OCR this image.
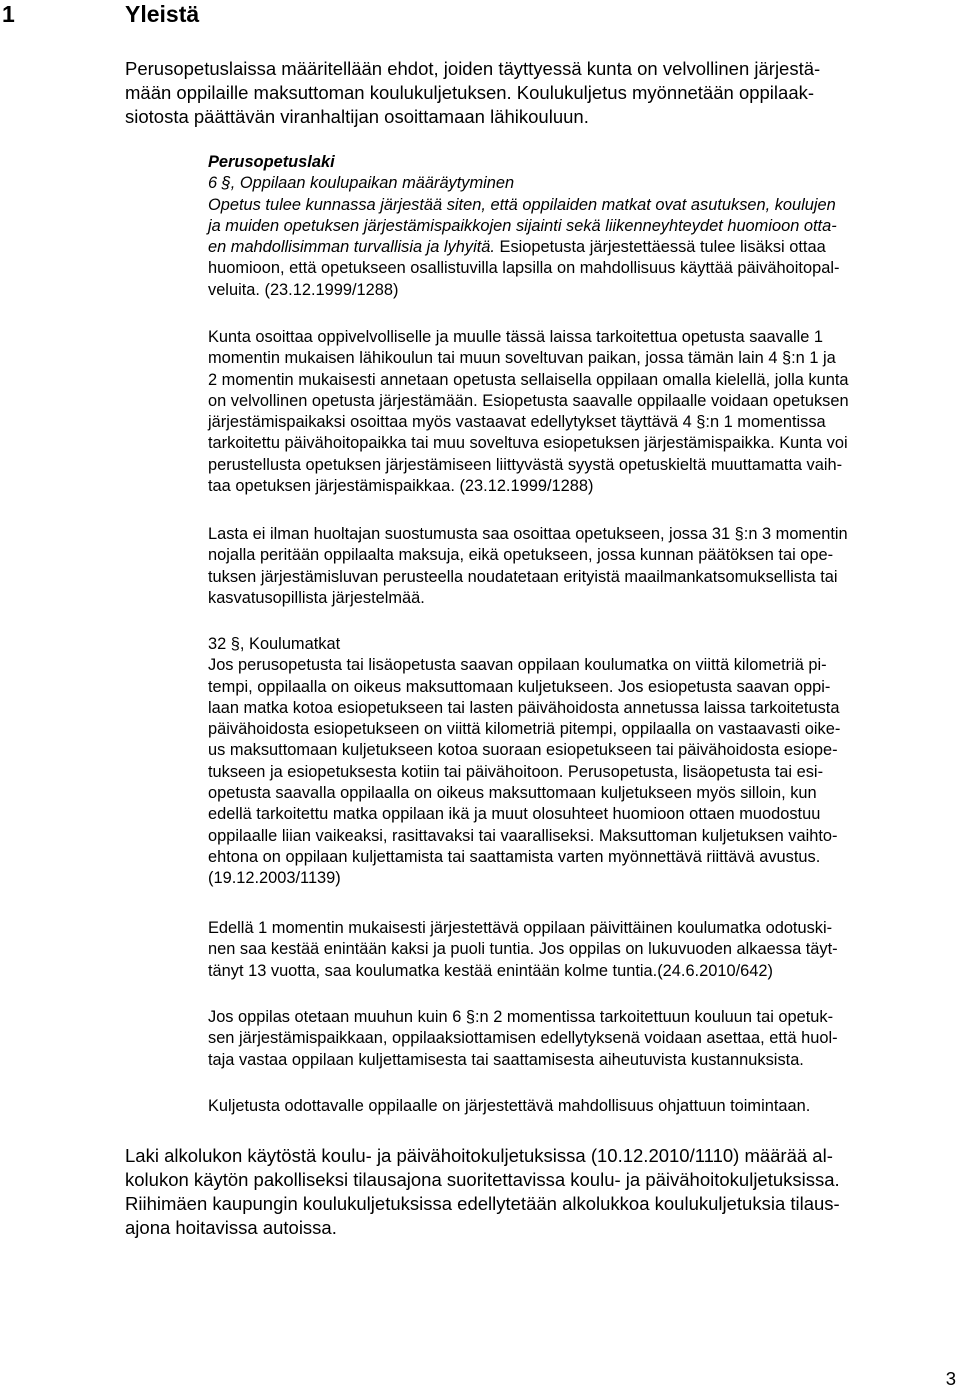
1	Yleistä
Perusopetuslaissa määritellään ehdot, joiden täyttyessä kunta on velvollinen järjestä-
mään oppilaille maksuttoman koulukuljetuksen. Koulukuljetus myönnetään oppilaak-
siotosta päättävän viranhaltijan osoittamaan lähikouluun.

Perusopetuslaki

6 §, Oppilaan koulupaikan määräytyminen
Opetus tulee kunnassa järjestää siten, että oppilaiden matkat ovat asutuksen, koulujen
ja muiden opetuksen järjestämispaikkojen sijainti sekä liikenneyhteydet huomioon otta-
en mahdollisimman turvallisia ja lyhyitä. Esiopetusta järjestettäessä tulee lisäksi ottaa
huomioon, että opetukseen osallistuvilla lapsilla on mahdollisuus käyttää päivähoitopal-
veluita. (23.12.1999/1288)
Kunta osoittaa oppivelvolliselle ja muulle tässä laissa tarkoitettua opetusta saavalle 1
momentin mukaisen lähikoulun tai muun soveltuvan paikan, jossa tämän lain 4 §:n 1 ja
2 momentin mukaisesti annetaan opetusta sellaisella oppilaan omalla kielellä, jolla kunta
on velvollinen opetusta järjestämään. Esiopetusta saavalle oppilaalle voidaan opetuksen
järjestämispaikaksi osoittaa myös vastaavat edellytykset täyttävä 4 §:n 1 momentissa
tarkoitettu päivähoitopaikka tai muu soveltuva esiopetuksen järjestämispaikka. Kunta voi
perustellusta opetuksen järjestämiseen liittyvästä syystä opetuskieltä muuttamatta vaih-
taa opetuksen järjestämispaikkaa. (23.12.1999/1288)
Lasta ei ilman huoltajan suostumusta saa osoittaa opetukseen, jossa 31 §:n 3 momentin
nojalla peritään oppilaalta maksuja, eikä opetukseen, jossa kunnan päätöksen tai ope-
tuksen järjestämisluvan perusteella noudatetaan erityistä maailmankatsomuksellista tai
kasvatusopillista järjestelmää.
32 §, Koulumatkat
Jos perusopetusta tai lisäopetusta saavan oppilaan koulumatka on viittä kilometriä pi-
tempi, oppilaalla on oikeus maksuttomaan kuljetukseen. Jos esiopetusta saavan oppi-
laan matka kotoa esiopetukseen tai lasten päivähoidosta annetussa laissa tarkoitetusta
päivähoidosta esiopetukseen on viittä kilometriä pitempi, oppilaalla on vastaavasti oike-
us maksuttomaan kuljetukseen kotoa suoraan esiopetukseen tai päivähoidosta esiope-
tukseen ja esiopetuksesta kotiin tai päivähoitoon. Perusopetusta, lisäopetusta tai esi-
opetusta saavalla oppilaalla on oikeus maksuttomaan kuljetukseen myös silloin, kun
edellä tarkoitettu matka oppilaan ikä ja muut olosuhteet huomioon ottaen muodostuu
oppilaalle liian vaikeaksi, rasittavaksi tai vaaralliseksi. Maksuttoman kuljetuksen vaihto-
ehtona on oppilaan kuljettamista tai saattamista varten myönnettävä riittävä avustus.
(19.12.2003/1139)
Edellä 1 momentin mukaisesti järjestettävä oppilaan päivittäinen koulumatka odotuski-
nen saa kestää enintään kaksi ja puoli tuntia. Jos oppilas on lukuvuoden alkaessa täyt-
tänyt 13 vuotta, saa koulumatka kestää enintään kolme tuntia.(24.6.2010/642)
Jos oppilas otetaan muuhun kuin 6 §:n 2 momentissa tarkoitettuun kouluun tai opetuk-
sen järjestämispaikkaan, oppilaaksiottamisen edellytyksenä voidaan asettaa, että huol-
taja vastaa oppilaan kuljettamisesta tai saattamisesta aiheutuvista kustannuksista.
Kuljetusta odottavalle oppilaalle on järjestettävä mahdollisuus ohjattuun toimintaan.
Laki alkolukon käytöstä koulu- ja päivähoitokuljetuksissa (10.12.2010/1110) määrää al-
kolukon käytön pakolliseksi tilausajona suoritettavissa koulu- ja päivähoitokuljetuksissa.
Riihimäen kaupungin koulukuljetuksissa edellytetään alkolukkoa koulukuljetuksia tilaus-
ajona hoitavissa autoissa.
3
